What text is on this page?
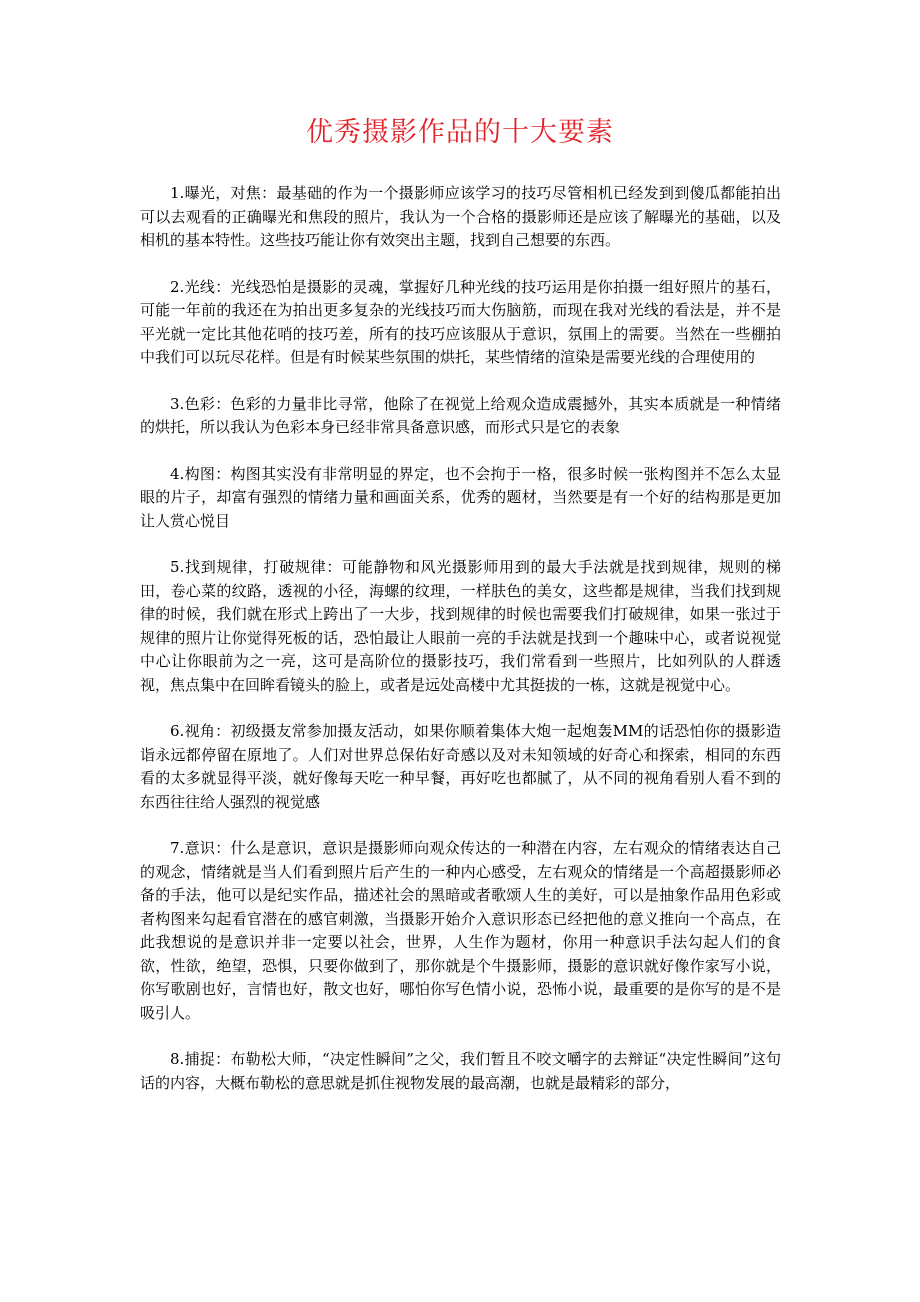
优秀摄影作品的十大要素

1.曝光，对焦：最基础的作为一个摄影师应该学习的技巧尽管相机已经发到到傻瓜都能拍出可以去观看的正确曝光和焦段的照片，我认为一个合格的摄影师还是应该了解曝光的基础，以及相机的基本特性。这些技巧能让你有效突出主题，找到自己想要的东西。

2.光线：光线恐怕是摄影的灵魂，掌握好几种光线的技巧运用是你拍摄一组好照片的基石，可能一年前的我还在为拍出更多复杂的光线技巧而大伤脑筋，而现在我对光线的看法是，并不是平光就一定比其他花哨的技巧差，所有的技巧应该服从于意识，氛围上的需要。当然在一些棚拍中我们可以玩尽花样。但是有时候某些氛围的烘托，某些情绪的渲染是需要光线的合理使用的

3.色彩：色彩的力量非比寻常，他除了在视觉上给观众造成震撼外，其实本质就是一种情绪的烘托，所以我认为色彩本身已经非常具备意识感，而形式只是它的表象

4.构图：构图其实没有非常明显的界定，也不会拘于一格，很多时候一张构图并不怎么太显眼的片子，却富有强烈的情绪力量和画面关系，优秀的题材，当然要是有一个好的结构那是更加让人赏心悦目

5.找到规律，打破规律：可能静物和风光摄影师用到的最大手法就是找到规律，规则的梯田，卷心菜的纹路，透视的小径，海螺的纹理，一样肤色的美女，这些都是规律，当我们找到规律的时候，我们就在形式上跨出了一大步，找到规律的时候也需要我们打破规律，如果一张过于规律的照片让你觉得死板的话，恐怕最让人眼前一亮的手法就是找到一个趣味中心，或者说视觉中心让你眼前为之一亮，这可是高阶位的摄影技巧，我们常看到一些照片，比如列队的人群透视，焦点集中在回眸看镜头的脸上，或者是远处高楼中尤其挺拔的一栋，这就是视觉中心。

6.视角：初级摄友常参加摄友活动，如果你顺着集体大炮一起炮轰MM的话恐怕你的摄影造诣永远都停留在原地了。人们对世界总保佑好奇感以及对未知领域的好奇心和探索，相同的东西看的太多就显得平淡，就好像每天吃一种早餐，再好吃也都腻了，从不同的视角看别人看不到的东西往往给人强烈的视觉感

7.意识：什么是意识，意识是摄影师向观众传达的一种潜在内容，左右观众的情绪表达自己的观念，情绪就是当人们看到照片后产生的一种内心感受，左右观众的情绪是一个高超摄影师必备的手法，他可以是纪实作品，描述社会的黑暗或者歌颂人生的美好，可以是抽象作品用色彩或者构图来勾起看官潜在的感官刺激，当摄影开始介入意识形态已经把他的意义推向一个高点，在此我想说的是意识并非一定要以社会，世界，人生作为题材，你用一种意识手法勾起人们的食欲，性欲，绝望，恐惧，只要你做到了，那你就是个牛摄影师，摄影的意识就好像作家写小说，你写歌剧也好，言情也好，散文也好，哪怕你写色情小说，恐怖小说，最重要的是你写的是不是吸引人。

8.捕捉：布勒松大师，“决定性瞬间”之父，我们暂且不咬文嚼字的去辩证“决定性瞬间”这句话的内容，大概布勒松的意思就是抓住视物发展的最高潮，也就是最精彩的部分，
